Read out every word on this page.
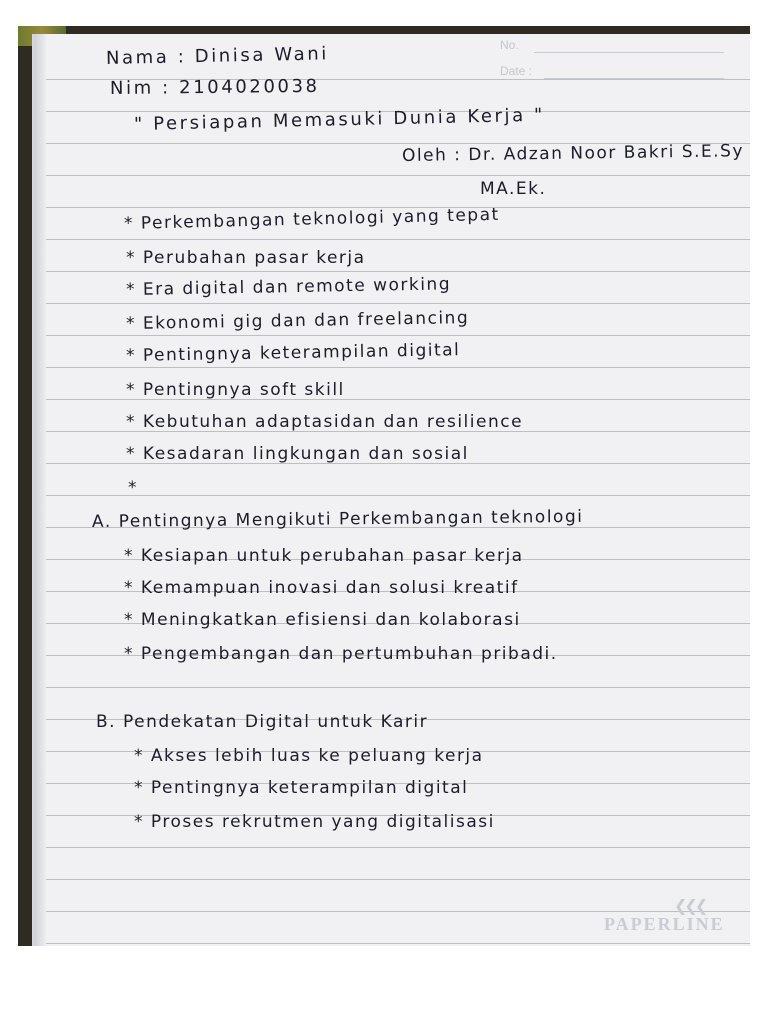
No.
Date :
Nama : Dinisa Wani
Nim : 2104020038
" Persiapan Memasuki Dunia Kerja "
Oleh : Dr. Adzan Noor Bakri S.E.Sy
MA.Ek.
* Perkembangan teknologi yang tepat
* Perubahan pasar kerja
* Era digital dan remote working
* Ekonomi gig dan dan freelancing
* Pentingnya keterampilan digital
* Pentingnya soft skill
* Kebutuhan adaptasidan dan resilience
* Kesadaran lingkungan dan sosial
*
A. Pentingnya Mengikuti Perkembangan teknologi
* Kesiapan untuk perubahan pasar kerja
* Kemampuan inovasi dan solusi kreatif
* Meningkatkan efisiensi dan kolaborasi
* Pengembangan dan pertumbuhan pribadi.
B. Pendekatan Digital untuk Karir
* Akses lebih luas ke peluang kerja
* Pentingnya keterampilan digital
* Proses rekrutmen yang digitalisasi
❮❮❮
PAPERLINE
